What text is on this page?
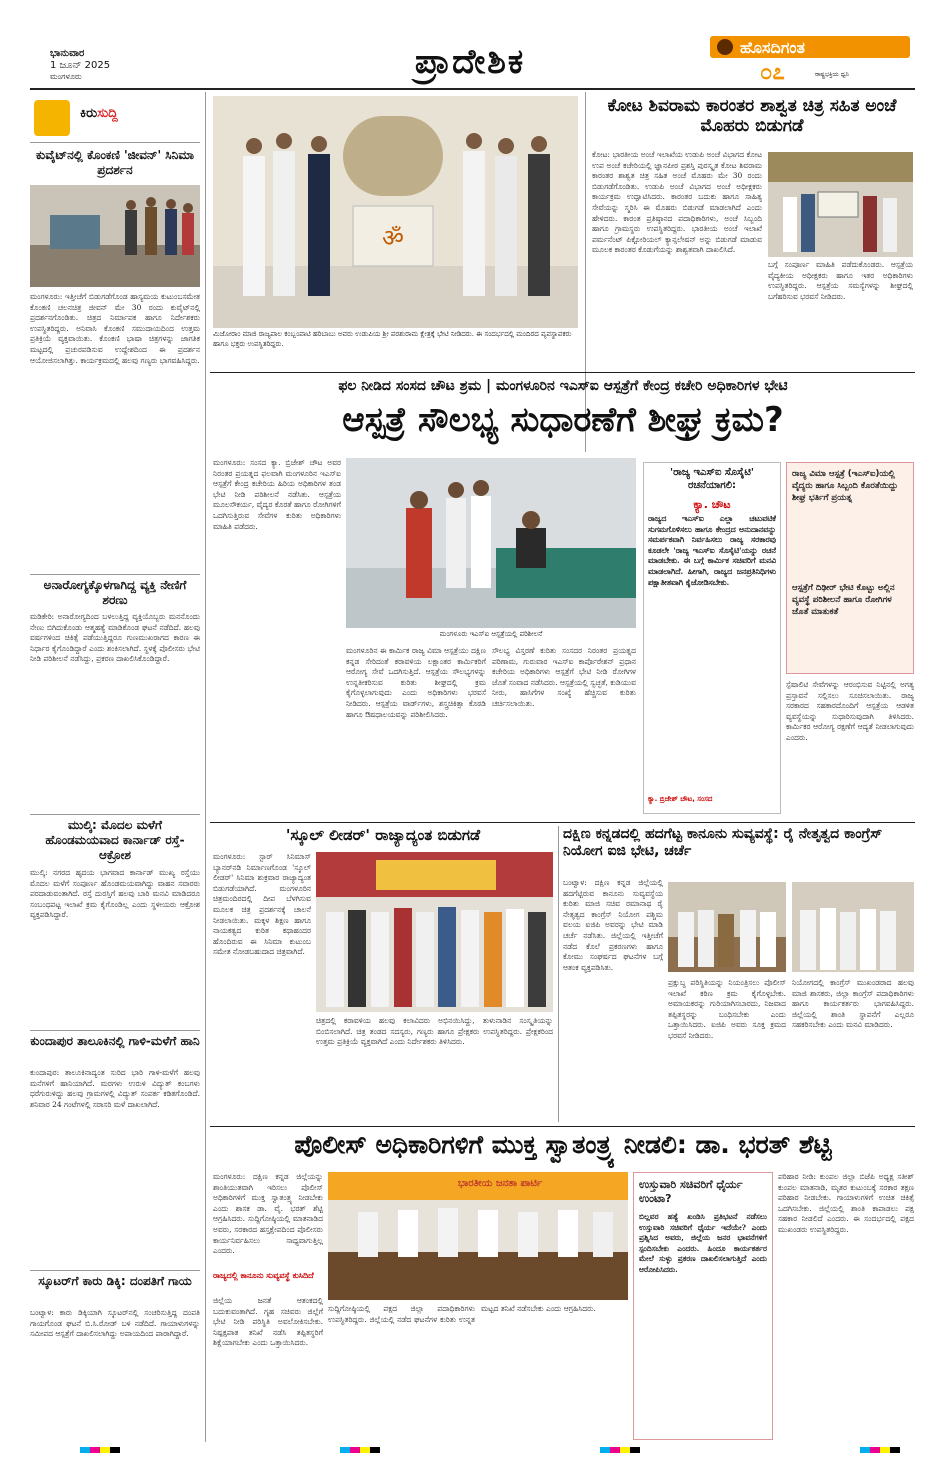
ಭಾನುವಾರ
1 ಜೂನ್ 2025
ಮಂಗಳೂರು	ಪ್ರಾದೇಶಿಕ	ಹೊಸದಿಗಂತ
೦೭	ರಾಷ್ಟ್ರಭಕ್ತಿಯ ಧ್ವನಿ
ಕಿರುಸುದ್ದಿ
ಕುವೈಟ್‌ನಲ್ಲಿ ಕೊಂಕಣಿ 'ಜೀವನ್' ಸಿನಿಮಾ ಪ್ರದರ್ಶನ
ಮಂಗಳೂರು: ಇತ್ತೀಚೆಗೆ ಬಿಡುಗಡೆಗೊಂಡ ಹಾಸ್ಯಮಯ ಕುಟುಂಬಸಮೇತ ಕೊಂಕಣಿ ಚಲನಚಿತ್ರ ಜೀವನ್ ಮೇ 30 ರಂದು ಕುವೈಟ್‌ನಲ್ಲಿ ಪ್ರದರ್ಶನಗೊಂಡಿತು. ಚಿತ್ರದ ನಿರ್ಮಾಪಕ ಹಾಗೂ ನಿರ್ದೇಶಕರು ಉಪಸ್ಥಿತರಿದ್ದರು. ಅನಿವಾಸಿ ಕೊಂಕಣಿ ಸಮುದಾಯದಿಂದ ಉತ್ತಮ ಪ್ರತಿಕ್ರಿಯೆ ವ್ಯಕ್ತವಾಯಿತು. ಕೊಂಕಣಿ ಭಾಷಾ ಚಿತ್ರಗಳನ್ನು ಜಾಗತಿಕ ಮಟ್ಟದಲ್ಲಿ ಪ್ರಚುರಪಡಿಸುವ ಉದ್ದೇಶದಿಂದ ಈ ಪ್ರದರ್ಶನ ಆಯೋಜಿಸಲಾಗಿತ್ತು. ಕಾರ್ಯಕ್ರಮದಲ್ಲಿ ಹಲವು ಗಣ್ಯರು ಭಾಗವಹಿಸಿದ್ದರು.
ಅನಾರೋಗ್ಯಕ್ಕೊಳಗಾಗಿದ್ದ ವ್ಯಕ್ತಿ ನೇಣಿಗೆ ಶರಣು
ಮಡಿಕೇರಿ: ಅನಾರೋಗ್ಯದಿಂದ ಬಳಲುತ್ತಿದ್ದ ವ್ಯಕ್ತಿಯೊಬ್ಬರು ಮನನೊಂದು ನೇಣು ಬಿಗಿದುಕೊಂಡು ಆತ್ಮಹತ್ಯೆ ಮಾಡಿಕೊಂಡ ಘಟನೆ ನಡೆದಿದೆ. ಹಲವು ವರ್ಷಗಳಿಂದ ಚಿಕಿತ್ಸೆ ಪಡೆಯುತ್ತಿದ್ದರೂ ಗುಣಮುಖರಾಗದ ಕಾರಣ ಈ ನಿರ್ಧಾರ ಕೈಗೊಂಡಿದ್ದಾರೆ ಎಂದು ಶಂಕಿಸಲಾಗಿದೆ. ಸ್ಥಳಕ್ಕೆ ಪೊಲೀಸರು ಭೇಟಿ ನೀಡಿ ಪರಿಶೀಲನೆ ನಡೆಸಿದ್ದು, ಪ್ರಕರಣ ದಾಖಲಿಸಿಕೊಂಡಿದ್ದಾರೆ.
ಮುಲ್ಕಿ: ಮೊದಲ ಮಳೆಗೆ ಹೊಂಡಮಯವಾದ ಕಾರ್ನಾಡ್ ರಸ್ತೆ-ಆಕ್ರೋಶ
ಮುಲ್ಕಿ: ನಗರದ ಹೃದಯ ಭಾಗವಾದ ಕಾರ್ನಾಡ್ ಮುಖ್ಯ ರಸ್ತೆಯು ಮೊದಲ ಮಳೆಗೆ ಸಂಪೂರ್ಣ ಹೊಂಡಮಯವಾಗಿದ್ದು ವಾಹನ ಸವಾರರು ಪರದಾಡುವಂತಾಗಿದೆ. ರಸ್ತೆ ದುರಸ್ತಿಗೆ ಹಲವು ಬಾರಿ ಮನವಿ ಮಾಡಿದರೂ ಸಂಬಂಧಪಟ್ಟ ಇಲಾಖೆ ಕ್ರಮ ಕೈಗೊಂಡಿಲ್ಲ ಎಂದು ಸ್ಥಳೀಯರು ಆಕ್ರೋಶ ವ್ಯಕ್ತಪಡಿಸಿದ್ದಾರೆ.
ಕುಂದಾಪುರ ತಾಲೂಕಿನಲ್ಲಿ ಗಾಳಿ-ಮಳೆಗೆ ಹಾನಿ
ಕುಂದಾಪುರ: ತಾಲೂಕಿನಾದ್ಯಂತ ಸುರಿದ ಭಾರಿ ಗಾಳಿ-ಮಳೆಗೆ ಹಲವು ಮನೆಗಳಿಗೆ ಹಾನಿಯಾಗಿದೆ. ಮರಗಳು ಉರುಳಿ ವಿದ್ಯುತ್ ಕಂಬಗಳು ಧರೆಗುರುಳಿದ್ದು ಹಲವು ಗ್ರಾಮಗಳಲ್ಲಿ ವಿದ್ಯುತ್ ಸಂಪರ್ಕ ಕಡಿತಗೊಂಡಿದೆ. ಶನಿವಾರ 24 ಗಂಟೆಗಳಲ್ಲಿ ಸರಾಸರಿ ಮಳೆ ದಾಖಲಾಗಿದೆ.
ಸ್ಕೂಟರ್‌ಗೆ ಕಾರು ಡಿಕ್ಕಿ: ದಂಪತಿಗೆ ಗಾಯ
ಬಂಟ್ವಾಳ: ಕಾರು ಡಿಕ್ಕಿಯಾಗಿ ಸ್ಕೂಟರ್‌ನಲ್ಲಿ ಸಂಚರಿಸುತ್ತಿದ್ದ ದಂಪತಿ ಗಾಯಗೊಂಡ ಘಟನೆ ಬಿ.ಸಿ.ರೋಡ್ ಬಳಿ ನಡೆದಿದೆ. ಗಾಯಾಳುಗಳನ್ನು ಸಮೀಪದ ಆಸ್ಪತ್ರೆಗೆ ದಾಖಲಿಸಲಾಗಿದ್ದು ಅಪಾಯದಿಂದ ಪಾರಾಗಿದ್ದಾರೆ.
ॐ
ಮಿಜೋರಾಂ ಮಾಜಿ ರಾಜ್ಯಪಾಲ ಕಂಬ್ಬಂಪಾಟಿ ಹರಿಬಾಬು ಅವರು ಉಡುಪಿಯ ಶ್ರೀ ಪರಶುರಾಮ ಕ್ಷೇತ್ರಕ್ಕೆ ಭೇಟಿ ನೀಡಿದರು. ಈ ಸಂದರ್ಭದಲ್ಲಿ ಮಂದಿರದ ವ್ಯವಸ್ಥಾಪಕರು ಹಾಗೂ ಭಕ್ತರು ಉಪಸ್ಥಿತರಿದ್ದರು.
ಕೋಟ ಶಿವರಾಮ ಕಾರಂತರ ಶಾಶ್ವತ ಚಿತ್ರ ಸಹಿತ ಅಂಚೆ ಮೊಹರು ಬಿಡುಗಡೆ
ಕೋಟ: ಭಾರತೀಯ ಅಂಚೆ ಇಲಾಖೆಯ ಉಡುಪಿ ಅಂಚೆ ವಿಭಾಗದ ಕೋಟ ಉಪ ಅಂಚೆ ಕಚೇರಿಯಲ್ಲಿ ಜ್ಞಾನಪೀಠ ಪ್ರಶಸ್ತಿ ಪುರಸ್ಕೃತ ಕೋಟ ಶಿವರಾಮ ಕಾರಂತರ ಶಾಶ್ವತ ಚಿತ್ರ ಸಹಿತ ಅಂಚೆ ಮೊಹರು ಮೇ 30 ರಂದು ಬಿಡುಗಡೆಗೊಂಡಿತು. ಉಡುಪಿ ಅಂಚೆ ವಿಭಾಗದ ಅಂಚೆ ಅಧೀಕ್ಷಕರು ಕಾರ್ಯಕ್ರಮ ಉದ್ಘಾಟಿಸಿದರು. ಕಾರಂತರ ಬದುಕು ಹಾಗೂ ಸಾಹಿತ್ಯ ಸೇವೆಯನ್ನು ಸ್ಮರಿಸಿ ಈ ಮೊಹರು ಬಿಡುಗಡೆ ಮಾಡಲಾಗಿದೆ ಎಂದು ಹೇಳಿದರು. ಕಾರಂತ ಪ್ರತಿಷ್ಠಾನದ ಪದಾಧಿಕಾರಿಗಳು, ಅಂಚೆ ಸಿಬ್ಬಂದಿ ಹಾಗೂ ಗ್ರಾಮಸ್ಥರು ಉಪಸ್ಥಿತರಿದ್ದರು. ಭಾರತೀಯ ಅಂಚೆ ಇಲಾಖೆ ಪರ್ಮನೆಂಟ್ ಪಿಕ್ಟೋರಿಯಲ್ ಕ್ಯಾನ್ಸಲೇಷನ್ ಅನ್ನು ಬಿಡುಗಡೆ ಮಾಡುವ ಮೂಲಕ ಕಾರಂತರ ಕೊಡುಗೆಯನ್ನು ಶಾಶ್ವತವಾಗಿ ದಾಖಲಿಸಿದೆ.
ಬಗ್ಗೆ ಸಂಪೂರ್ಣ ಮಾಹಿತಿ ಪಡೆದುಕೊಂಡರು. ಆಸ್ಪತ್ರೆಯ ವೈದ್ಯಕೀಯ ಅಧೀಕ್ಷಕರು ಹಾಗೂ ಇತರ ಅಧಿಕಾರಿಗಳು ಉಪಸ್ಥಿತರಿದ್ದರು. ಆಸ್ಪತ್ರೆಯ ಸಮಸ್ಯೆಗಳನ್ನು ಶೀಘ್ರದಲ್ಲಿ ಬಗೆಹರಿಸುವ ಭರವಸೆ ನೀಡಿದರು.
ಫಲ ನೀಡಿದ ಸಂಸದ ಚೌಟ ಶ್ರಮ | ಮಂಗಳೂರಿನ ಇಎಸ್‌ಐ ಆಸ್ಪತ್ರೆಗೆ ಕೇಂದ್ರ ಕಚೇರಿ ಅಧಿಕಾರಿಗಳ ಭೇಟಿ
ಆಸ್ಪತ್ರೆ ಸೌಲಭ್ಯ ಸುಧಾರಣೆಗೆ ಶೀಘ್ರ ಕ್ರಮ?
ಮಂಗಳೂರು: ಸಂಸದ ಕ್ಯಾ. ಬ್ರಿಜೇಶ್ ಚೌಟ ಅವರ ನಿರಂತರ ಪ್ರಯತ್ನದ ಫಲವಾಗಿ ಮಂಗಳೂರಿನ ಇಎಸ್‌ಐ ಆಸ್ಪತ್ರೆಗೆ ಕೇಂದ್ರ ಕಚೇರಿಯ ಹಿರಿಯ ಅಧಿಕಾರಿಗಳ ತಂಡ ಭೇಟಿ ನೀಡಿ ಪರಿಶೀಲನೆ ನಡೆಸಿತು. ಆಸ್ಪತ್ರೆಯ ಮೂಲಸೌಕರ್ಯ, ವೈದ್ಯರ ಕೊರತೆ ಹಾಗೂ ರೋಗಿಗಳಿಗೆ ಒದಗಿಸುತ್ತಿರುವ ಸೇವೆಗಳ ಕುರಿತು ಅಧಿಕಾರಿಗಳು ಮಾಹಿತಿ ಪಡೆದರು.
ಮಂಗಳೂರು ಇಎಸ್‌ಐ ಆಸ್ಪತ್ರೆಯಲ್ಲಿ ಪರಿಶೀಲನೆ
ಮಂಗಳೂರಿನ ಈ ಕಾರ್ಮಿಕ ರಾಜ್ಯ ವಿಮಾ ಆಸ್ಪತ್ರೆಯು ದಕ್ಷಿಣ ಕನ್ನಡ ಸೇರಿದಂತೆ ಕರಾವಳಿಯ ಲಕ್ಷಾಂತರ ಕಾರ್ಮಿಕರಿಗೆ ಆರೋಗ್ಯ ಸೇವೆ ಒದಗಿಸುತ್ತಿದೆ. ಆಸ್ಪತ್ರೆಯ ಸೌಲಭ್ಯಗಳನ್ನು ಉನ್ನತೀಕರಿಸುವ ಕುರಿತು ಶೀಘ್ರದಲ್ಲಿ ಕ್ರಮ ಕೈಗೊಳ್ಳಲಾಗುವುದು ಎಂದು ಅಧಿಕಾರಿಗಳು ಭರವಸೆ ನೀಡಿದರು. ಆಸ್ಪತ್ರೆಯ ವಾರ್ಡ್‌ಗಳು, ಶಸ್ತ್ರಚಿಕಿತ್ಸಾ ಕೊಠಡಿ ಹಾಗೂ ಔಷಧಾಲಯವನ್ನು ಪರಿಶೀಲಿಸಿದರು.
ಸೌಲಭ್ಯ ವಿಸ್ತರಣೆ ಕುರಿತು ಸಂಸದರ ನಿರಂತರ ಪ್ರಯತ್ನದ ಪರಿಣಾಮ, ಗುರುವಾರ ಇಎಸ್‌ಐ ಕಾರ್ಪೊರೇಶನ್ ಪ್ರಧಾನ ಕಚೇರಿಯ ಅಧಿಕಾರಿಗಳು ಆಸ್ಪತ್ರೆಗೆ ಭೇಟಿ ನೀಡಿ ರೋಗಿಗಳ ಜೊತೆ ಸಂವಾದ ನಡೆಸಿದರು. ಆಸ್ಪತ್ರೆಯಲ್ಲಿ ಸ್ವಚ್ಛತೆ, ಕುಡಿಯುವ ನೀರು, ಹಾಸಿಗೆಗಳ ಸಂಖ್ಯೆ ಹೆಚ್ಚಿಸುವ ಕುರಿತು ಚರ್ಚಿಸಲಾಯಿತು.
'ರಾಜ್ಯ ಇಎಸ್‌ಐ ಸೊಸೈಟಿ' ರಚನೆಯಾಗಲಿ:
ಕ್ಯಾ. ಚೌಟ
ರಾಜ್ಯದ ಇಎಸ್‌ಐ ಎಲ್ಲಾ ಚಟುವಟಿಕೆ ಸುಗಮಗೊಳಿಸಲು ಹಾಗೂ ಕೇಂದ್ರದ ಅನುದಾನವನ್ನು ಸಮರ್ಪಕವಾಗಿ ನಿರ್ವಹಿಸಲು ರಾಜ್ಯ ಸರಕಾರವು ಕೂಡಲೇ 'ರಾಜ್ಯ ಇಎಸ್‌ಐ ಸೊಸೈಟಿ'ಯನ್ನು ರಚನೆ ಮಾಡಬೇಕು. ಈ ಬಗ್ಗೆ ಕಾರ್ಮಿಕ ಸಚಿವರಿಗೆ ಮನವಿ ಮಾಡಲಾಗಿದೆ. ಹೀಗಾಗಿ, ರಾಜ್ಯದ ಜನಪ್ರತಿನಿಧಿಗಳು ಪಕ್ಷಾತೀತವಾಗಿ ಕೈಜೋಡಿಸಬೇಕು.
ಕ್ಯಾ. ಬ್ರಿಜೇಶ್ ಚೌಟ, ಸಂಸದ
ರಾಜ್ಯ ವಿಮಾ ಆಸ್ಪತ್ರೆ (ಇಎಸ್‌ಐ)ಯಲ್ಲಿ ವೈದ್ಯರು ಹಾಗೂ ಸಿಬ್ಬಂದಿ ಕೊರತೆಯಿದ್ದು ಶೀಘ್ರ ಭರ್ತಿಗೆ ಪ್ರಯತ್ನ
ಆಸ್ಪತ್ರೆಗೆ ದಿಢೀರ್ ಭೇಟಿ ಕೊಟ್ಟು ಅಲ್ಲಿನ ವ್ಯವಸ್ಥೆ ಪರಿಶೀಲನೆ ಹಾಗೂ ರೋಗಿಗಳ ಜೊತೆ ಮಾತುಕತೆ
ಸ್ಪೆಷಾಲಿಟಿ ಸೇವೆಗಳನ್ನು ಆರಂಭಿಸುವ ನಿಟ್ಟಿನಲ್ಲಿ ಅಗತ್ಯ ಪ್ರಸ್ತಾವನೆ ಸಲ್ಲಿಸಲು ಸೂಚಿಸಲಾಯಿತು. ರಾಜ್ಯ ಸರಕಾರದ ಸಹಕಾರದೊಂದಿಗೆ ಆಸ್ಪತ್ರೆಯ ಆಡಳಿತ ವ್ಯವಸ್ಥೆಯನ್ನು ಸುಧಾರಿಸುವುದಾಗಿ ತಿಳಿಸಿದರು. ಕಾರ್ಮಿಕರ ಆರೋಗ್ಯ ರಕ್ಷಣೆಗೆ ಆದ್ಯತೆ ನೀಡಲಾಗುವುದು ಎಂದರು.
'ಸ್ಕೂಲ್ ಲೀಡರ್' ರಾಜ್ಯಾದ್ಯಂತ ಬಿಡುಗಡೆ
ಮಂಗಳೂರು: ಸ್ಟಾರ್ ಸಿನಿಮಾಸ್ ಬ್ಯಾನರ್‌ನಡಿ ನಿರ್ಮಾಣಗೊಂಡ 'ಸ್ಕೂಲ್ ಲೀಡರ್' ಸಿನಿಮಾ ಶುಕ್ರವಾರ ರಾಜ್ಯಾದ್ಯಂತ ಬಿಡುಗಡೆಯಾಗಿದೆ. ಮಂಗಳೂರಿನ ಚಿತ್ರಮಂದಿರದಲ್ಲಿ ದೀಪ ಬೆಳಗಿಸುವ ಮೂಲಕ ಚಿತ್ರ ಪ್ರದರ್ಶನಕ್ಕೆ ಚಾಲನೆ ನೀಡಲಾಯಿತು. ಮಕ್ಕಳ ಶಿಕ್ಷಣ ಹಾಗೂ ನಾಯಕತ್ವದ ಕುರಿತ ಕಥಾಹಂದರ ಹೊಂದಿರುವ ಈ ಸಿನಿಮಾ ಕುಟುಂಬ ಸಮೇತ ನೋಡಬಹುದಾದ ಚಿತ್ರವಾಗಿದೆ.
ಚಿತ್ರದಲ್ಲಿ ಕರಾವಳಿಯ ಹಲವು ಕಲಾವಿದರು ಅಭಿನಯಿಸಿದ್ದು, ತುಳುನಾಡಿನ ಸಂಸ್ಕೃತಿಯನ್ನು ಬಿಂಬಿಸಲಾಗಿದೆ. ಚಿತ್ರ ತಂಡದ ಸದಸ್ಯರು, ಗಣ್ಯರು ಹಾಗೂ ಪ್ರೇಕ್ಷಕರು ಉಪಸ್ಥಿತರಿದ್ದರು. ಪ್ರೇಕ್ಷಕರಿಂದ ಉತ್ತಮ ಪ್ರತಿಕ್ರಿಯೆ ವ್ಯಕ್ತವಾಗಿದೆ ಎಂದು ನಿರ್ದೇಶಕರು ತಿಳಿಸಿದರು.
ದಕ್ಷಿಣ ಕನ್ನಡದಲ್ಲಿ ಹದಗೆಟ್ಟ ಕಾನೂನು ಸುವ್ಯವಸ್ಥೆ: ರೈ ನೇತೃತ್ವದ ಕಾಂಗ್ರೆಸ್ ನಿಯೋಗ ಐಜಿ ಭೇಟಿ, ಚರ್ಚೆ
ಬಂಟ್ವಾಳ: ದಕ್ಷಿಣ ಕನ್ನಡ ಜಿಲ್ಲೆಯಲ್ಲಿ ಹದಗೆಟ್ಟಿರುವ ಕಾನೂನು ಸುವ್ಯವಸ್ಥೆಯ ಕುರಿತು ಮಾಜಿ ಸಚಿವ ರಮಾನಾಥ ರೈ ನೇತೃತ್ವದ ಕಾಂಗ್ರೆಸ್ ನಿಯೋಗ ಪಶ್ಚಿಮ ವಲಯ ಐಜಿಪಿ ಅವರನ್ನು ಭೇಟಿ ಮಾಡಿ ಚರ್ಚೆ ನಡೆಸಿತು. ಜಿಲ್ಲೆಯಲ್ಲಿ ಇತ್ತೀಚೆಗೆ ನಡೆದ ಕೊಲೆ ಪ್ರಕರಣಗಳು ಹಾಗೂ ಕೋಮು ಸಂಘರ್ಷದ ಘಟನೆಗಳ ಬಗ್ಗೆ ಆತಂಕ ವ್ಯಕ್ತಪಡಿಸಿತು.
ಪ್ರಕ್ಷುಬ್ಧ ಪರಿಸ್ಥಿತಿಯನ್ನು ನಿಯಂತ್ರಿಸಲು ಪೊಲೀಸ್ ಇಲಾಖೆ ಕಠಿಣ ಕ್ರಮ ಕೈಗೊಳ್ಳಬೇಕು. ಅಮಾಯಕರನ್ನು ಗುರಿಯಾಗಿಸಬಾರದು, ನಿಜವಾದ ತಪ್ಪಿತಸ್ಥರನ್ನು ಬಂಧಿಸಬೇಕು ಎಂದು ಒತ್ತಾಯಿಸಿದರು. ಐಜಿಪಿ ಅವರು ಸೂಕ್ತ ಕ್ರಮದ ಭರವಸೆ ನೀಡಿದರು.
ನಿಯೋಗದಲ್ಲಿ ಕಾಂಗ್ರೆಸ್ ಮುಖಂಡರಾದ ಹಲವು ಮಾಜಿ ಶಾಸಕರು, ಜಿಲ್ಲಾ ಕಾಂಗ್ರೆಸ್ ಪದಾಧಿಕಾರಿಗಳು ಹಾಗೂ ಕಾರ್ಯಕರ್ತರು ಭಾಗವಹಿಸಿದ್ದರು. ಜಿಲ್ಲೆಯಲ್ಲಿ ಶಾಂತಿ ಸ್ಥಾಪನೆಗೆ ಎಲ್ಲರೂ ಸಹಕರಿಸಬೇಕು ಎಂದು ಮನವಿ ಮಾಡಿದರು.
ಪೊಲೀಸ್ ಅಧಿಕಾರಿಗಳಿಗೆ ಮುಕ್ತ ಸ್ವಾತಂತ್ರ್ಯ ನೀಡಲಿ: ಡಾ. ಭರತ್ ಶೆಟ್ಟಿ
ಮಂಗಳೂರು: ದಕ್ಷಿಣ ಕನ್ನಡ ಜಿಲ್ಲೆಯನ್ನು ಶಾಂತಿಯುತವಾಗಿ ಇರಿಸಲು ಪೊಲೀಸ್ ಅಧಿಕಾರಿಗಳಿಗೆ ಮುಕ್ತ ಸ್ವಾತಂತ್ರ್ಯ ನೀಡಬೇಕು ಎಂದು ಶಾಸಕ ಡಾ. ವೈ. ಭರತ್ ಶೆಟ್ಟಿ ಆಗ್ರಹಿಸಿದರು. ಸುದ್ದಿಗೋಷ್ಠಿಯಲ್ಲಿ ಮಾತನಾಡಿದ ಅವರು, ಸರಕಾರದ ಹಸ್ತಕ್ಷೇಪದಿಂದ ಪೊಲೀಸರು ಕಾರ್ಯನಿರ್ವಹಿಸಲು ಸಾಧ್ಯವಾಗುತ್ತಿಲ್ಲ ಎಂದರು.
ರಾಜ್ಯದಲ್ಲಿ ಕಾನೂನು ಸುವ್ಯವಸ್ಥೆ ಕುಸಿದಿದೆ
ಜಿಲ್ಲೆಯ ಜನತೆ ಆತಂಕದಲ್ಲಿ ಬದುಕುವಂತಾಗಿದೆ. ಗೃಹ ಸಚಿವರು ಜಿಲ್ಲೆಗೆ ಭೇಟಿ ನೀಡಿ ಪರಿಸ್ಥಿತಿ ಅವಲೋಕಿಸಬೇಕು. ನಿಷ್ಪಕ್ಷಪಾತ ತನಿಖೆ ನಡೆಸಿ ತಪ್ಪಿತಸ್ಥರಿಗೆ ಶಿಕ್ಷೆಯಾಗಬೇಕು ಎಂದು ಒತ್ತಾಯಿಸಿದರು.
ಭಾರತೀಯ ಜನತಾ ಪಾರ್ಟಿ
ಸುದ್ದಿಗೋಷ್ಠಿಯಲ್ಲಿ ಪಕ್ಷದ ಜಿಲ್ಲಾ ಪದಾಧಿಕಾರಿಗಳು ಉಪಸ್ಥಿತರಿದ್ದರು. ಜಿಲ್ಲೆಯಲ್ಲಿ ನಡೆದ ಘಟನೆಗಳ ಕುರಿತು ಉನ್ನತ ಮಟ್ಟದ ತನಿಖೆ ನಡೆಸಬೇಕು ಎಂದು ಆಗ್ರಹಿಸಿದರು.
ಉಸ್ತುವಾರಿ ಸಚಿವರಿಗೆ ಧೈರ್ಯ ಉಂಟಾ?
ಬಿಲ್ಲವರ ಹತ್ಯೆ ಖಂಡಿಸಿ ಪ್ರತಿಭಟನೆ ನಡೆಸಲು ಉಸ್ತುವಾರಿ ಸಚಿವರಿಗೆ ಧೈರ್ಯ ಇದೆಯೇ? ಎಂದು ಪ್ರಶ್ನಿಸಿದ ಅವರು, ಜಿಲ್ಲೆಯ ಜನರ ಭಾವನೆಗಳಿಗೆ ಸ್ಪಂದಿಸಬೇಕು ಎಂದರು. ಹಿಂದೂ ಕಾರ್ಯಕರ್ತರ ಮೇಲೆ ಸುಳ್ಳು ಪ್ರಕರಣ ದಾಖಲಿಸಲಾಗುತ್ತಿದೆ ಎಂದು ಆರೋಪಿಸಿದರು.
ಪರಿಹಾರ ನೀಡಿ: ಕುಂಪಲ ಜಿಲ್ಲಾ ಬಿಜೆಪಿ ಅಧ್ಯಕ್ಷ ಸತೀಶ್ ಕುಂಪಲ ಮಾತನಾಡಿ, ಮೃತರ ಕುಟುಂಬಕ್ಕೆ ಸರಕಾರ ತಕ್ಷಣ ಪರಿಹಾರ ನೀಡಬೇಕು. ಗಾಯಾಳುಗಳಿಗೆ ಉಚಿತ ಚಿಕಿತ್ಸೆ ಒದಗಿಸಬೇಕು. ಜಿಲ್ಲೆಯಲ್ಲಿ ಶಾಂತಿ ಕಾಪಾಡಲು ಪಕ್ಷ ಸಹಕಾರ ನೀಡಲಿದೆ ಎಂದರು. ಈ ಸಂದರ್ಭದಲ್ಲಿ ಪಕ್ಷದ ಮುಖಂಡರು ಉಪಸ್ಥಿತರಿದ್ದರು.
